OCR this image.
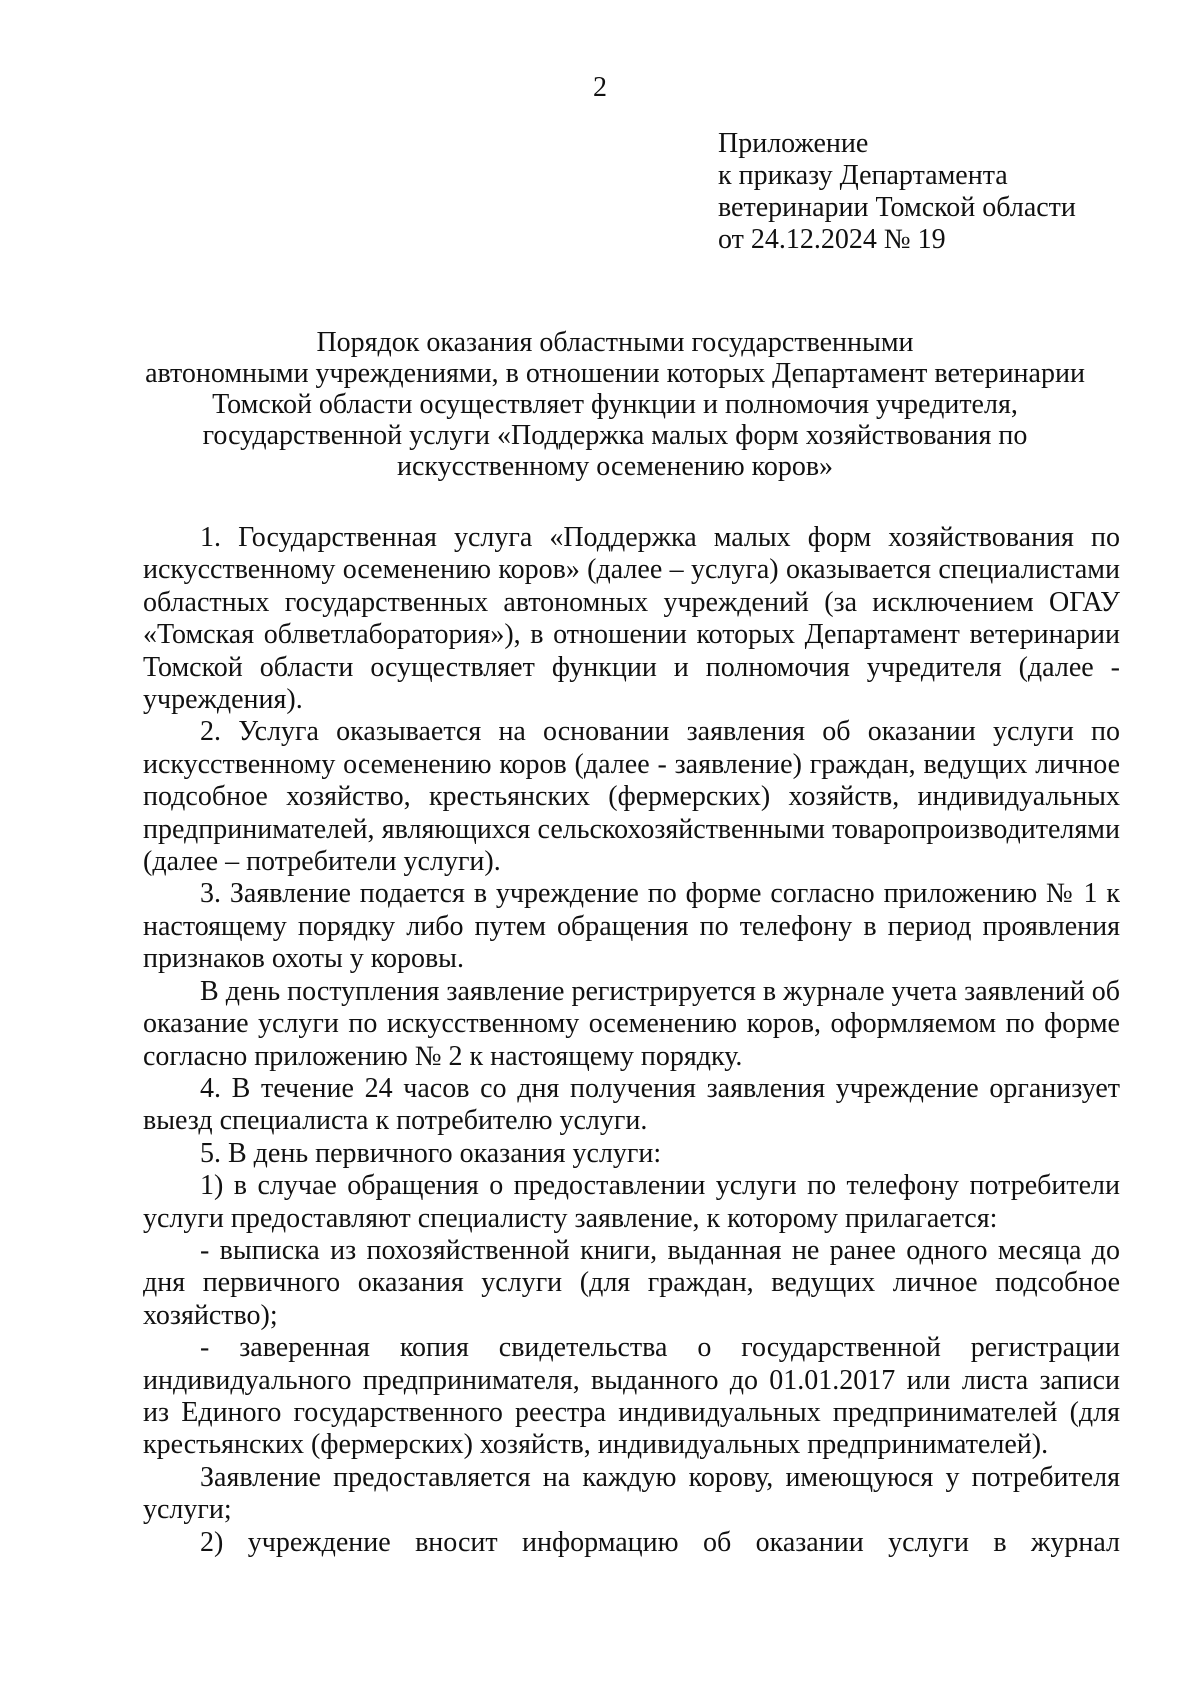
2
Приложение
к приказу Департамента
ветеринарии Томской области
от 24.12.2024 № 19
Порядок оказания областными государственными
автономными учреждениями, в отношении которых Департамент ветеринарии
Томской области осуществляет функции и полномочия учредителя,
государственной услуги «Поддержка малых форм хозяйствования по
искусственному осеменению коров»

1. Государственная услуга «Поддержка малых форм хозяйствования по искусственному осеменению коров» (далее – услуга) оказывается специалистами областных государственных автономных учреждений (за исключением ОГАУ «Томская облветлаборатория»), в отношении которых Департамент ветеринарии Томской области осуществляет функции и полномочия учредителя (далее - учреждения).

2. Услуга оказывается на основании заявления об оказании услуги по искусственному осеменению коров (далее - заявление) граждан, ведущих личное подсобное хозяйство, крестьянских (фермерских) хозяйств, индивидуальных предпринимателей, являющихся сельскохозяйственными товаропроизводителями (далее – потребители услуги).

3. Заявление подается в учреждение по форме согласно приложению № 1 к настоящему порядку либо путем обращения по телефону в период проявления признаков охоты у коровы.

В день поступления заявление регистрируется в журнале учета заявлений об оказание услуги по искусственному осеменению коров, оформляемом по форме согласно приложению № 2 к настоящему порядку.

4. В течение 24 часов со дня получения заявления учреждение организует выезд специалиста к потребителю услуги.

5. В день первичного оказания услуги:

1) в случае обращения о предоставлении услуги по телефону потребители услуги предоставляют специалисту заявление, к которому прилагается:

- выписка из похозяйственной книги, выданная не ранее одного месяца до дня первичного оказания услуги (для граждан, ведущих личное подсобное хозяйство);

- заверенная копия свидетельства о государственной регистрации индивидуального предпринимателя, выданного до 01.01.2017 или листа записи из Единого государственного реестра индивидуальных предпринимателей (для крестьянских (фермерских) хозяйств, индивидуальных предпринимателей).

Заявление предоставляется на каждую корову, имеющуюся у потребителя услуги;

2) учреждение вносит информацию об оказании услуги в журнал
